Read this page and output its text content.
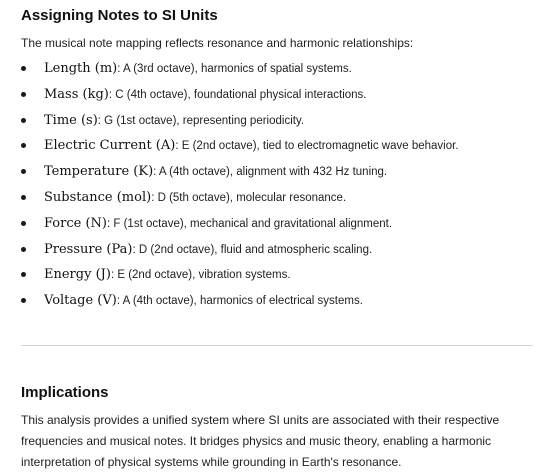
Assigning Notes to SI Units
The musical note mapping reflects resonance and harmonic relationships:
Length (m): A (3rd octave), harmonics of spatial systems.
Mass (kg): C (4th octave), foundational physical interactions.
Time (s): G (1st octave), representing periodicity.
Electric Current (A): E (2nd octave), tied to electromagnetic wave behavior.
Temperature (K): A (4th octave), alignment with 432 Hz tuning.
Substance (mol): D (5th octave), molecular resonance.
Force (N): F (1st octave), mechanical and gravitational alignment.
Pressure (Pa): D (2nd octave), fluid and atmospheric scaling.
Energy (J): E (2nd octave), vibration systems.
Voltage (V): A (4th octave), harmonics of electrical systems.
Implications

This analysis provides a unified system where SI units are associated with their respective

frequencies and musical notes. It bridges physics and music theory, enabling a harmonic

interpretation of physical systems while grounding in Earth's resonance.
